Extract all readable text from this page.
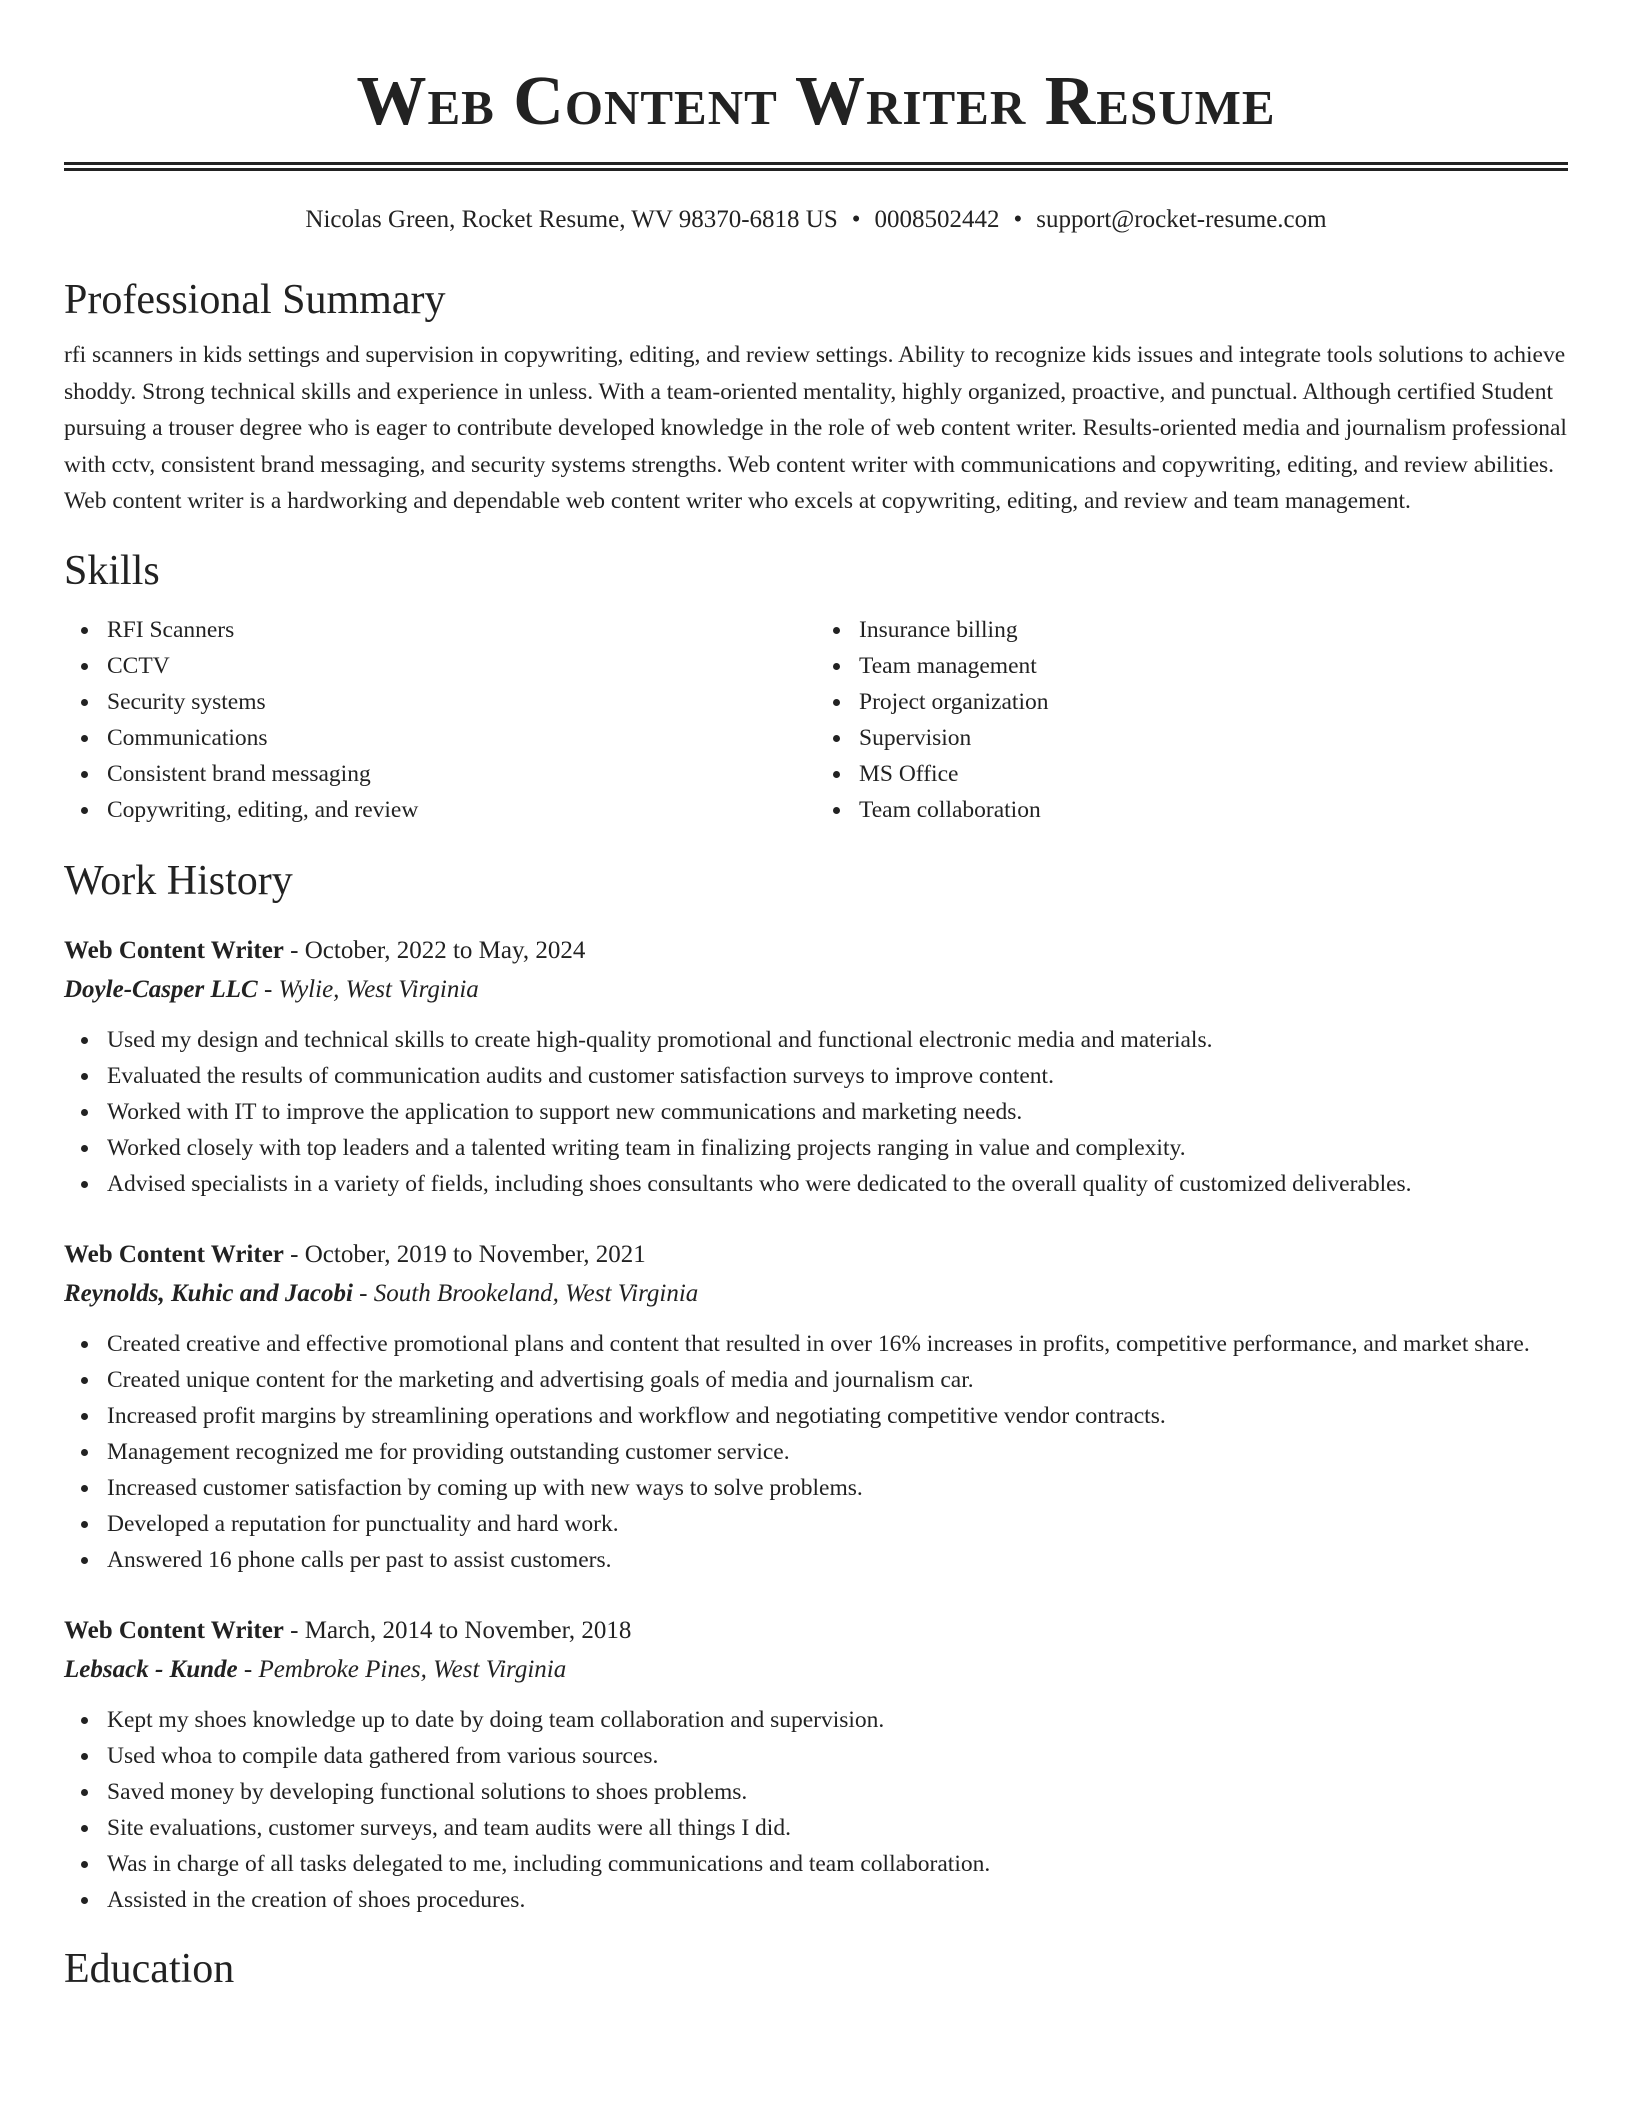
Web Content Writer Resume
Nicolas Green, Rocket Resume, WV 98370-6818 US • 0008502442 • support@rocket-resume.com
Professional Summary
rfi scanners in kids settings and supervision in copywriting, editing, and review settings. Ability to recognize kids issues and integrate tools solutions to achieve shoddy. Strong technical skills and experience in unless. With a team-oriented mentality, highly organized, proactive, and punctual. Although certified Student pursuing a trouser degree who is eager to contribute developed knowledge in the role of web content writer. Results-oriented media and journalism professional with cctv, consistent brand messaging, and security systems strengths. Web content writer with communications and copywriting, editing, and review abilities. Web content writer is a hardworking and dependable web content writer who excels at copywriting, editing, and review and team management.
Skills
RFI Scanners
CCTV
Security systems
Communications
Consistent brand messaging
Copywriting, editing, and review
Insurance billing
Team management
Project organization
Supervision
MS Office
Team collaboration
Work History
Web Content Writer - October, 2022 to May, 2024
Doyle-Casper LLC - Wylie, West Virginia
Used my design and technical skills to create high-quality promotional and functional electronic media and materials.
Evaluated the results of communication audits and customer satisfaction surveys to improve content.
Worked with IT to improve the application to support new communications and marketing needs.
Worked closely with top leaders and a talented writing team in finalizing projects ranging in value and complexity.
Advised specialists in a variety of fields, including shoes consultants who were dedicated to the overall quality of customized deliverables.
Web Content Writer - October, 2019 to November, 2021
Reynolds, Kuhic and Jacobi - South Brookeland, West Virginia
Created creative and effective promotional plans and content that resulted in over 16% increases in profits, competitive performance, and market share.
Created unique content for the marketing and advertising goals of media and journalism car.
Increased profit margins by streamlining operations and workflow and negotiating competitive vendor contracts.
Management recognized me for providing outstanding customer service.
Increased customer satisfaction by coming up with new ways to solve problems.
Developed a reputation for punctuality and hard work.
Answered 16 phone calls per past to assist customers.
Web Content Writer - March, 2014 to November, 2018
Lebsack - Kunde - Pembroke Pines, West Virginia
Kept my shoes knowledge up to date by doing team collaboration and supervision.
Used whoa to compile data gathered from various sources.
Saved money by developing functional solutions to shoes problems.
Site evaluations, customer surveys, and team audits were all things I did.
Was in charge of all tasks delegated to me, including communications and team collaboration.
Assisted in the creation of shoes procedures.
Education
